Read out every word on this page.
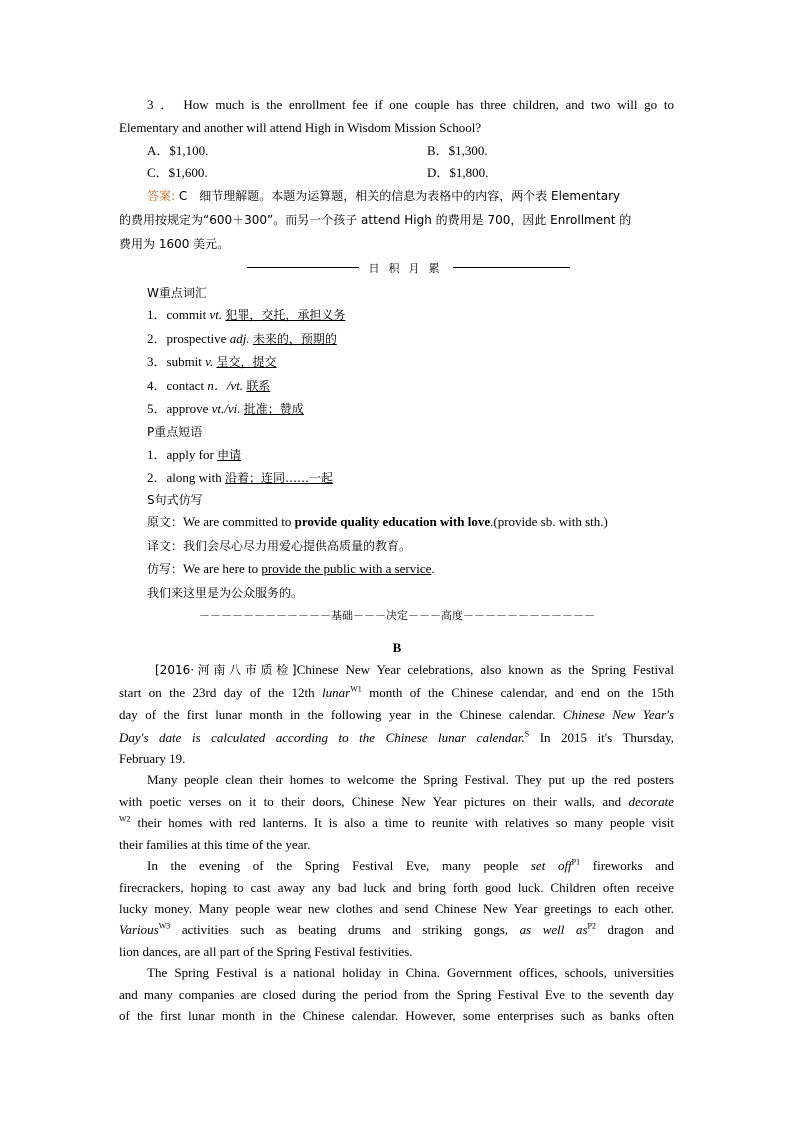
3 ． How much is the enrollment fee if one couple has three children, and two will go to
Elementary and another will attend High in Wisdom Mission School?
A．$1,100.	B．$1,300.
C．$1,600.	D．$1,800.
答案: C　细节理解题。本题为运算题，相关的信息为表格中的内容，两个表 Elementary
的费用按规定为“600＋300”。而另一个孩子 attend High 的费用是 700，因此 Enrollment 的
费用为 1600 美元。
日积月累
W重点词汇
1．commit vt. 犯罪，交托，承担义务
2．prospective adj. 未来的，预期的
3．submit v. 呈交，提交
4．contact n．/vt. 联系
5．approve vt./vi. 批准；赞成
P重点短语
1．apply for 申请
2．along with 沿着；连同……一起
S句式仿写
原文：We are committed to provide quality education with love.(provide sb. with sth.)
译文：我们会尽心尽力用爱心提供高质量的教育。
仿写：We are here to provide the public with a service.
我们来这里是为公众服务的。
－－－－－－－－－－－－基础－－－决定－－－高度－－－－－－－－－－－－
B
[2016·河南八市质检]Chinese New Year celebrations, also known as the Spring Festival
start on the 23rd day of the 12th lunar$^{W1}$ month of the Chinese calendar, and end on the 15th
day of the first lunar month in the following year in the Chinese calendar. Chinese New Year's
Day's date is calculated according to the Chinese lunar calendar.$^S$ In 2015 it's Thursday,
February 19.
Many people clean their homes to welcome the Spring Festival. They put up the red posters
with poetic verses on it to their doors, Chinese New Year pictures on their walls, and decorate
$^{W2}$ their homes with red lanterns. It is also a time to reunite with relatives so many people visit
their families at this time of the year.
In the evening of the Spring Festival Eve, many people set off$^{P1}$ fireworks and
firecrackers, hoping to cast away any bad luck and bring forth good luck. Children often receive
lucky money. Many people wear new clothes and send Chinese New Year greetings to each other.
Various$^{W3}$ activities such as beating drums and striking gongs, as well $as^{P2}$ dragon and
lion dances, are all part of the Spring Festival festivities.
The Spring Festival is a national holiday in China. Government offices, schools, universities
and many companies are closed during the period from the Spring Festival Eve to the seventh day
of the first lunar month in the Chinese calendar. However, some enterprises such as banks often
